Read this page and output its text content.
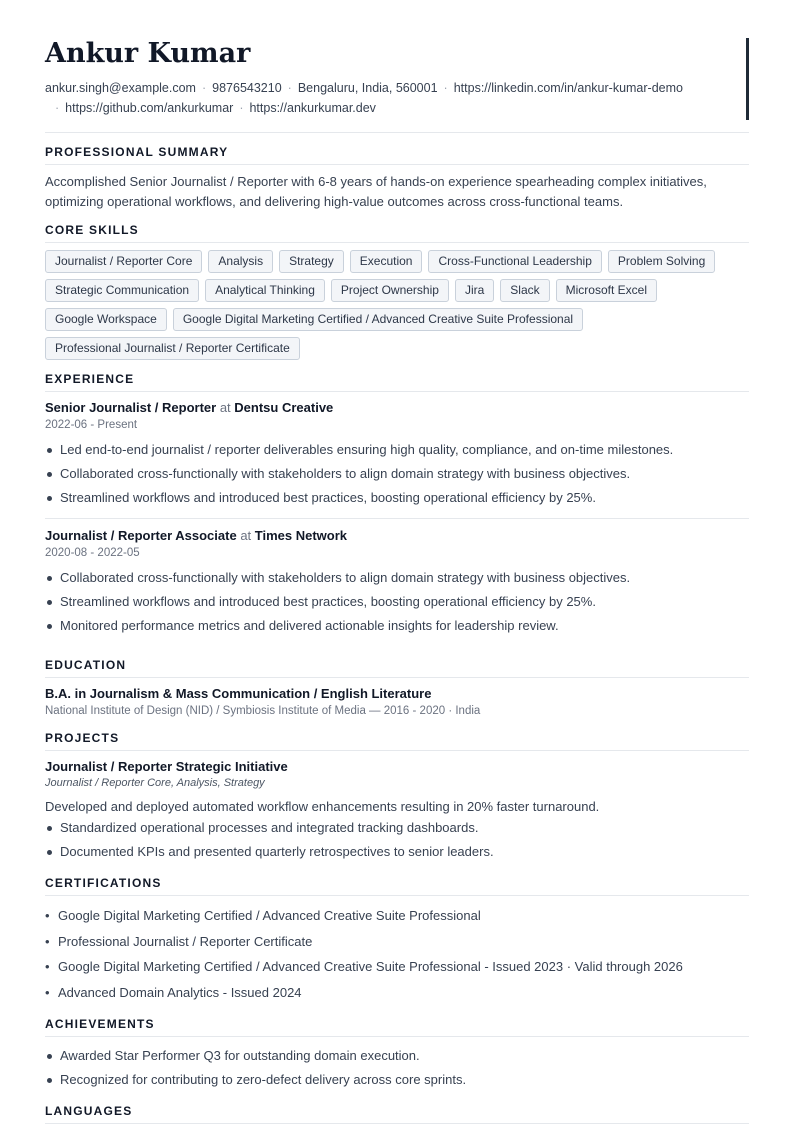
Ankur Kumar
ankur.singh@example.com · 9876543210 · Bengaluru, India, 560001 · https://linkedin.com/in/ankur-kumar-demo
· https://github.com/ankurkumar · https://ankurkumar.dev
PROFESSIONAL SUMMARY
Accomplished Senior Journalist / Reporter with 6-8 years of hands-on experience spearheading complex initiatives, optimizing operational workflows, and delivering high-value outcomes across cross-functional teams.
CORE SKILLS
Journalist / Reporter Core	Analysis	Strategy	Execution	Cross-Functional Leadership	Problem Solving
Strategic Communication	Analytical Thinking	Project Ownership	Jira	Slack	Microsoft Excel
Google Workspace	Google Digital Marketing Certified / Advanced Creative Suite Professional
Professional Journalist / Reporter Certificate
EXPERIENCE
Senior Journalist / Reporter at Dentsu Creative
2022-06 - Present
Led end-to-end journalist / reporter deliverables ensuring high quality, compliance, and on-time milestones.
Collaborated cross-functionally with stakeholders to align domain strategy with business objectives.
Streamlined workflows and introduced best practices, boosting operational efficiency by 25%.
Journalist / Reporter Associate at Times Network
2020-08 - 2022-05
Collaborated cross-functionally with stakeholders to align domain strategy with business objectives.
Streamlined workflows and introduced best practices, boosting operational efficiency by 25%.
Monitored performance metrics and delivered actionable insights for leadership review.
EDUCATION
B.A. in Journalism & Mass Communication / English Literature
National Institute of Design (NID) / Symbiosis Institute of Media — 2016 - 2020 · India
PROJECTS
Journalist / Reporter Strategic Initiative
Journalist / Reporter Core, Analysis, Strategy
Developed and deployed automated workflow enhancements resulting in 20% faster turnaround.
Standardized operational processes and integrated tracking dashboards.
Documented KPIs and presented quarterly retrospectives to senior leaders.
CERTIFICATIONS
• Google Digital Marketing Certified / Advanced Creative Suite Professional
• Professional Journalist / Reporter Certificate
• Google Digital Marketing Certified / Advanced Creative Suite Professional - Issued 2023 · Valid through 2026
• Advanced Domain Analytics - Issued 2024
ACHIEVEMENTS
Awarded Star Performer Q3 for outstanding domain execution.
Recognized for contributing to zero-defect delivery across core sprints.
LANGUAGES
